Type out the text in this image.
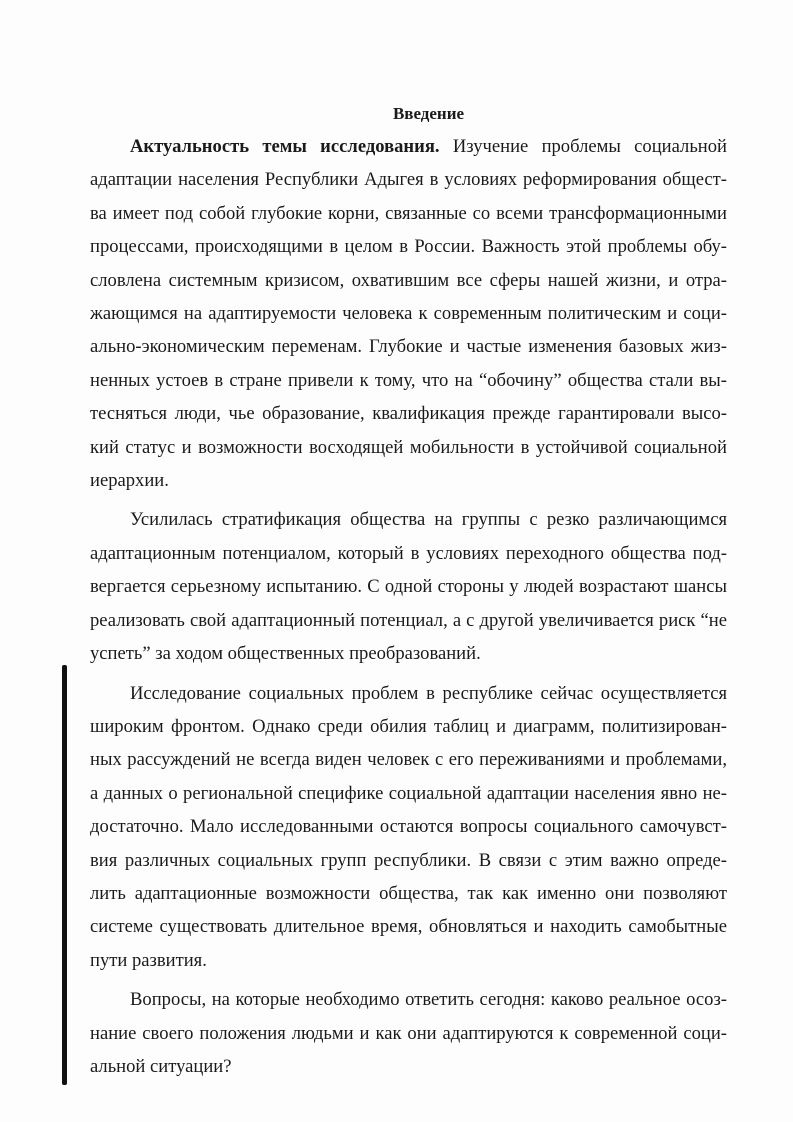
Введение

Актуальность темы исследования. Изучение проблемы социальной адаптации населения Республики Адыгея в условиях реформирования общества имеет под собой глубокие корни, связанные со всеми трансформационными процессами, происходящими в целом в России. Важность этой проблемы обусловлена системным кризисом, охватившим все сферы нашей жизни, и отражающимся на адаптируемости человека к современным политическим и социально-экономическим переменам. Глубокие и частые изменения базовых жизненных устоев в стране привели к тому, что на “обочину” общества стали вытесняться люди, чье образование, квалификация прежде гарантировали высокий статус и возможности восходящей мобильности в устойчивой социальной иерархии.

Усилилась стратификация общества на группы с резко различающимся адаптационным потенциалом, который в условиях переходного общества подвергается серьезному испытанию. С одной стороны у людей возрастают шансы реализовать свой адаптационный потенциал, а с другой увеличивается риск “не успеть” за ходом общественных преобразований.

Исследование социальных проблем в республике сейчас осуществляется широким фронтом. Однако среди обилия таблиц и диаграмм, политизированных рассуждений не всегда виден человек с его переживаниями и проблемами, а данных о региональной специфике социальной адаптации населения явно недостаточно. Мало исследованными остаются вопросы социального самочувствия различных социальных групп республики. В связи с этим важно определить адаптационные возможности общества, так как именно они позволяют системе существовать длительное время, обновляться и находить самобытные пути развития.

Вопросы, на которые необходимо ответить сегодня: каково реальное осознание своего положения людьми и как они адаптируются к современной социальной ситуации?
